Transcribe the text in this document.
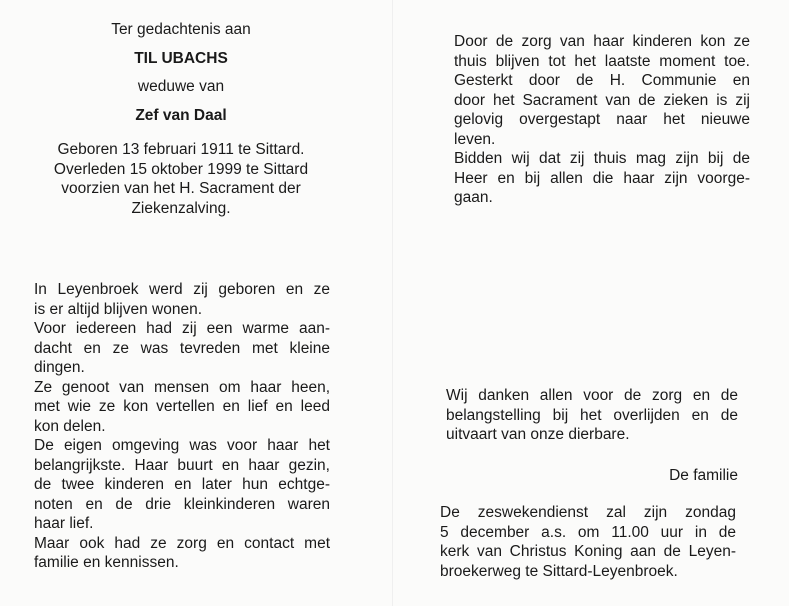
Ter gedachtenis aan
TIL UBACHS
weduwe van
Zef van Daal
Geboren 13 februari 1911 te Sittard.
Overleden 15 oktober 1999 te Sittard
voorzien van het H. Sacrament der
Ziekenzalving.
In Leyenbroek werd zij geboren en ze
is er altijd blijven wonen.
Voor iedereen had zij een warme aan-
dacht en ze was tevreden met kleine
dingen.
Ze genoot van mensen om haar heen,
met wie ze kon vertellen en lief en leed
kon delen.
De eigen omgeving was voor haar het
belangrijkste. Haar buurt en haar gezin,
de twee kinderen en later hun echtge-
noten en de drie kleinkinderen waren
haar lief.
Maar ook had ze zorg en contact met
familie en kennissen.
Door de zorg van haar kinderen kon ze
thuis blijven tot het laatste moment toe.
Gesterkt door de H. Communie en
door het Sacrament van de zieken is zij
gelovig overgestapt naar het nieuwe
leven.
Bidden wij dat zij thuis mag zijn bij de
Heer en bij allen die haar zijn voorge-
gaan.
Wij danken allen voor de zorg en de
belangstelling bij het overlijden en de
uitvaart van onze dierbare.
De familie
De zeswekendienst zal zijn zondag
5 december a.s. om 11.00 uur in de
kerk van Christus Koning aan de Leyen-
broekerweg te Sittard-Leyenbroek.
